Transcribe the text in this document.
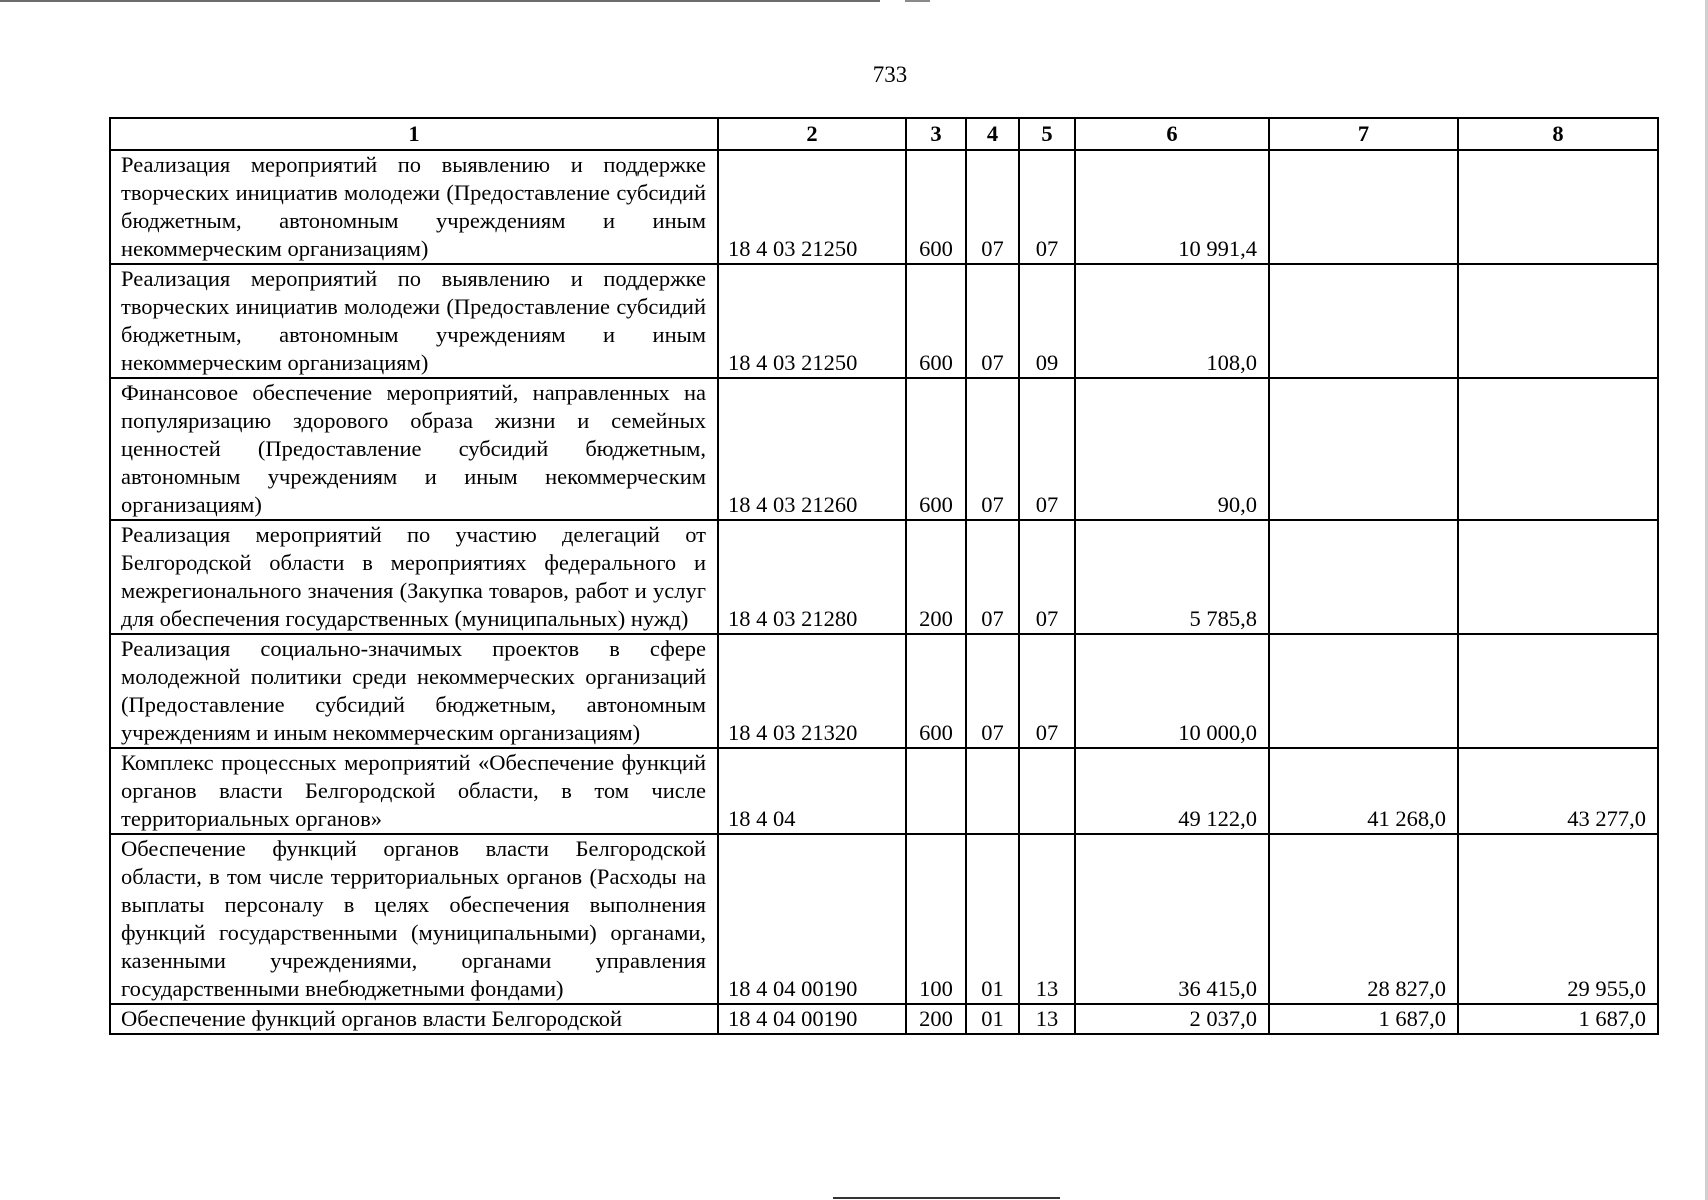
733
1	2	3	4	5	6	7	8
Реализация мероприятий по выявлению и поддержке творческих инициатив молодежи (Предоставление субсидий бюджетным, автономным учреждениям и иным некоммерческим организациям)	18 4 03 21250	600	07	07	10 991,4		
Реализация мероприятий по выявлению и поддержке творческих инициатив молодежи (Предоставление субсидий бюджетным, автономным учреждениям и иным некоммерческим организациям)	18 4 03 21250	600	07	09	108,0		
Финансовое обеспечение мероприятий, направленных на популяризацию здорового образа жизни и семейных ценностей (Предоставление субсидий бюджетным, автономным учреждениям и иным некоммерческим организациям)	18 4 03 21260	600	07	07	90,0		
Реализация мероприятий по участию делегаций от Белгородской области в мероприятиях федерального и межрегионального значения (Закупка товаров, работ и услуг для обеспечения государственных (муниципальных) нужд)	18 4 03 21280	200	07	07	5 785,8		
Реализация социально-значимых проектов в сфере молодежной политики среди некоммерческих организаций (Предоставление субсидий бюджетным, автономным учреждениям и иным некоммерческим организациям)	18 4 03 21320	600	07	07	10 000,0		
Комплекс процессных мероприятий «Обеспечение функций органов власти Белгородской области, в том числе территориальных органов»	18 4 04				49 122,0	41 268,0	43 277,0
Обеспечение функций органов власти Белгородской области, в том числе территориальных органов (Расходы на выплаты персоналу в целях обеспечения выполнения функций государственными (муниципальными) органами, казенными учреждениями, органами управления государственными внебюджетными фондами)	18 4 04 00190	100	01	13	36 415,0	28 827,0	29 955,0
Обеспечение функций органов власти Белгородской	18 4 04 00190	200	01	13	2 037,0	1 687,0	1 687,0
